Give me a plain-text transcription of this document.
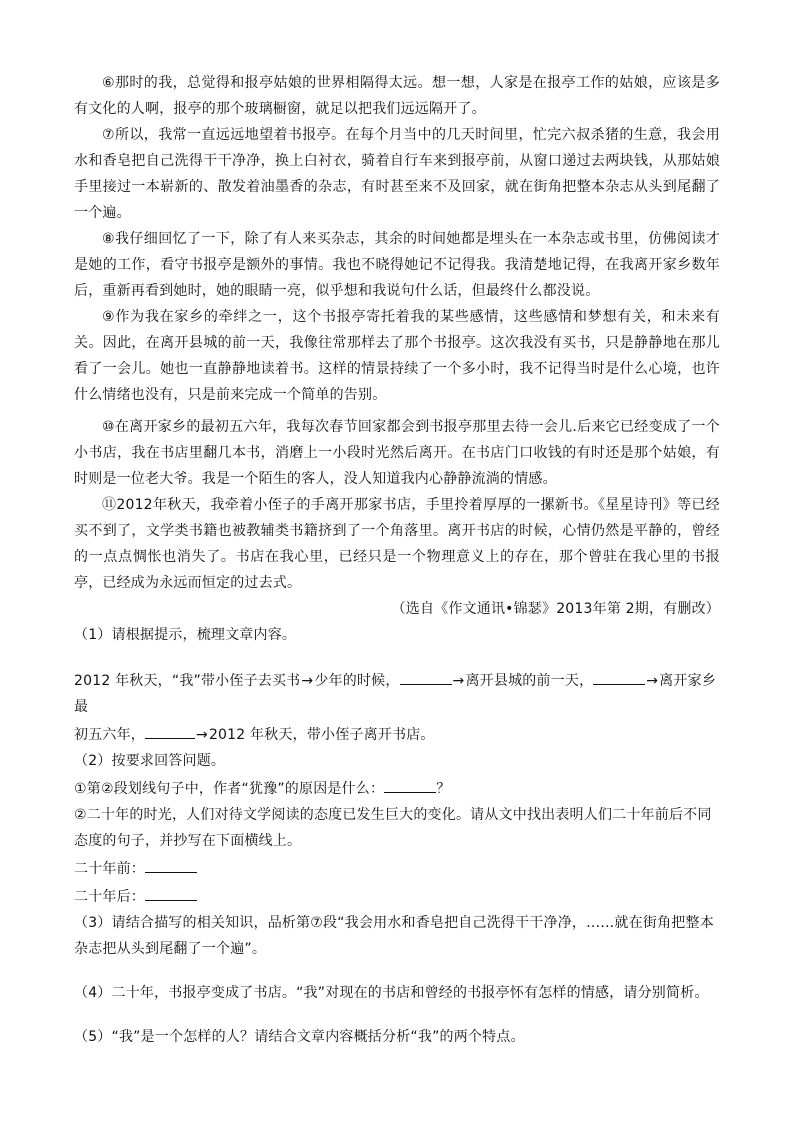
⑥那时的我，总觉得和报亭姑娘的世界相隔得太远。想一想，人家是在报亭工作的姑娘，应该是多有文化的人啊，报亭的那个玻璃橱窗，就足以把我们远远隔开了。

⑦所以，我常一直远远地望着书报亭。在每个月当中的几天时间里，忙完六叔杀猪的生意，我会用水和香皂把自己洗得干干净净，换上白衬衣，骑着自行车来到报亭前，从窗口递过去两块钱，从那姑娘手里接过一本崭新的、散发着油墨香的杂志，有时甚至来不及回家，就在街角把整本杂志从头到尾翻了一个遍。

⑧我仔细回忆了一下，除了有人来买杂志，其余的时间她都是埋头在一本杂志或书里，仿佛阅读才是她的工作，看守书报亭是额外的事情。我也不晓得她记不记得我。我清楚地记得，在我离开家乡数年后，重新再看到她时，她的眼睛一亮，似乎想和我说句什么话，但最终什么都没说。

⑨作为我在家乡的牵绊之一，这个书报亭寄托着我的某些感情，这些感情和梦想有关，和未来有关。因此，在离开县城的前一天，我像往常那样去了那个书报亭。这次我没有买书，只是静静地在那儿看了一会儿。她也一直静静地读着书。这样的情景持续了一个多小时，我不记得当时是什么心境，也许什么情绪也没有，只是前来完成一个简单的告别。

⑩在离开家乡的最初五六年，我每次春节回家都会到书报亭那里去待一会儿.后来它已经变成了一个小书店，我在书店里翻几本书，消磨上一小段时光然后离开。在书店门口收钱的有时还是那个姑娘，有时则是一位老大爷。我是一个陌生的客人，没人知道我内心静静流淌的情感。

⑪2012年秋天，我牵着小侄子的手离开那家书店，手里拎着厚厚的一摞新书。《星星诗刊》等已经买不到了，文学类书籍也被教辅类书籍挤到了一个角落里。离开书店的时候，心情仍然是平静的，曾经的一点点惆怅也消失了。书店在我心里，已经只是一个物理意义上的存在，那个曾驻在我心里的书报亭，已经成为永远而恒定的过去式。

（选自《作文通讯•锦瑟》2013年第 2期，有删改）

（1）请根据提示，梳理文章内容。

2012 年秋天，“我”带小侄子去买书→少年的时候，	→离开县城的前一天，	→离开家乡最

初五六年，	→2012 年秋天，带小侄子离开书店。

（2）按要求回答问题。

①第②段划线句子中，作者“犹豫”的原因是什么：	？

②二十年的时光，人们对待文学阅读的态度已发生巨大的变化。请从文中找出表明人们二十年前后不同态度的句子，并抄写在下面横线上。

二十年前：

二十年后：

（3）请结合描写的相关知识，品析第⑦段“我会用水和香皂把自己洗得干干净净，……就在街角把整本杂志把从头到尾翻了一个遍”。

（4）二十年，书报亭变成了书店。“我”对现在的书店和曾经的书报亭怀有怎样的情感，请分别简析。

（5）“我”是一个怎样的人？请结合文章内容概括分析“我”的两个特点。
